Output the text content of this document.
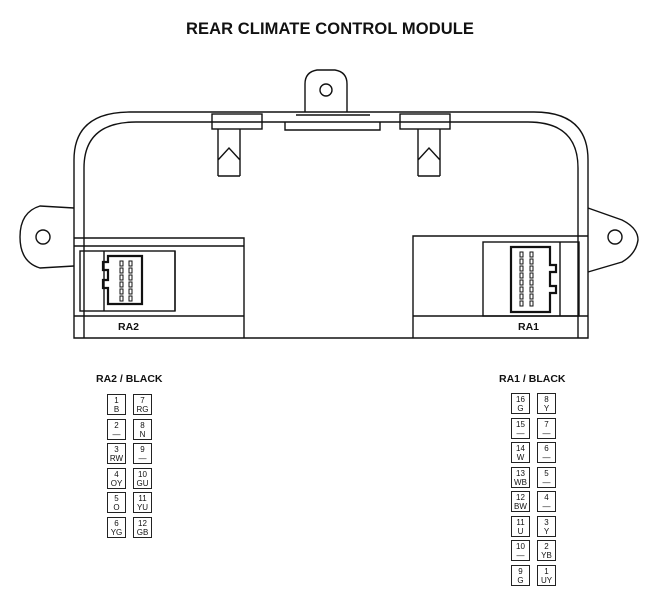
REAR CLIMATE CONTROL MODULE
RA2	RA1
RA2 / BLACK	RA1 / BLACK
1
B
7
RG
2
—
8
N
3
RW
9
—
4
OY
10
GU
5
O
11
YU
6
YG
12
GB
16
G
8
Y
15
—
7
—
14
W
6
—
13
WB
5
—
12
BW
4
—
11
U
3
Y
10
—
2
YB
9
G
1
UY
